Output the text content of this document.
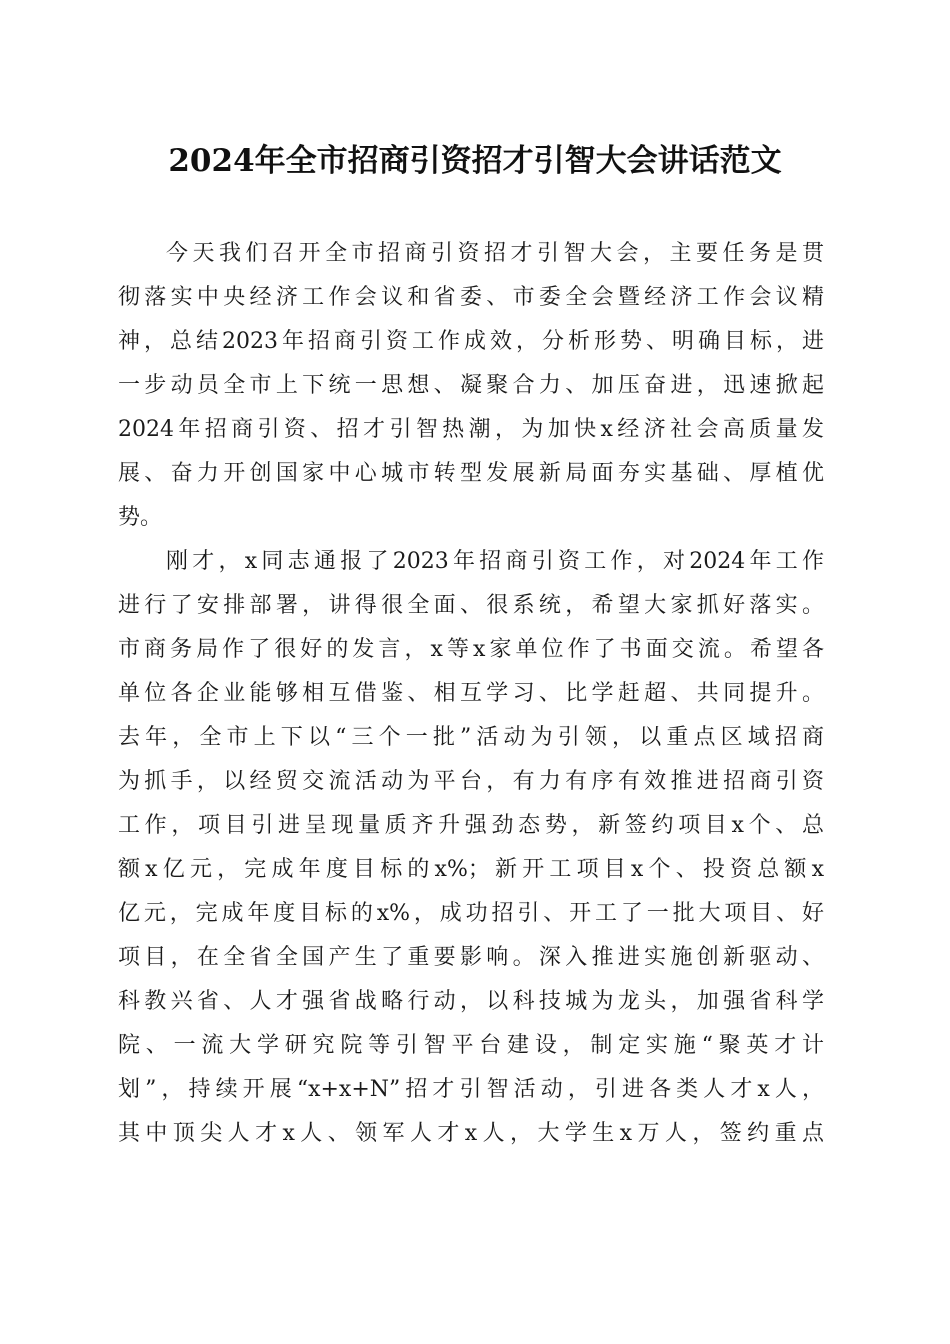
2024年全市招商引资招才引智大会讲话范文
今天我们召开全市招商引资招才引智大会，主要任务是贯
彻落实中央经济工作会议和省委、市委全会暨经济工作会议精
神，总结2023年招商引资工作成效，分析形势、明确目标，进
一步动员全市上下统一思想、凝聚合力、加压奋进，迅速掀起
2024年招商引资、招才引智热潮，为加快x经济社会高质量发
展、奋力开创国家中心城市转型发展新局面夯实基础、厚植优
势。
刚才，x同志通报了2023年招商引资工作，对2024年工作
进行了安排部署，讲得很全面、很系统，希望大家抓好落实。
市商务局作了很好的发言，x等x家单位作了书面交流。希望各
单位各企业能够相互借鉴、相互学习、比学赶超、共同提升。
去年，全市上下以“三个一批”活动为引领，以重点区域招商
为抓手，以经贸交流活动为平台，有力有序有效推进招商引资
工作，项目引进呈现量质齐升强劲态势，新签约项目x个、总
额x亿元，完成年度目标的x%；新开工项目x个、投资总额x
亿元，完成年度目标的x%，成功招引、开工了一批大项目、好
项目，在全省全国产生了重要影响。深入推进实施创新驱动、
科教兴省、人才强省战略行动，以科技城为龙头，加强省科学
院、一流大学研究院等引智平台建设，制定实施“聚英才计
划”，持续开展“x+x+N”招才引智活动，引进各类人才x人，
其中顶尖人才x人、领军人才x人，大学生x万人，签约重点
